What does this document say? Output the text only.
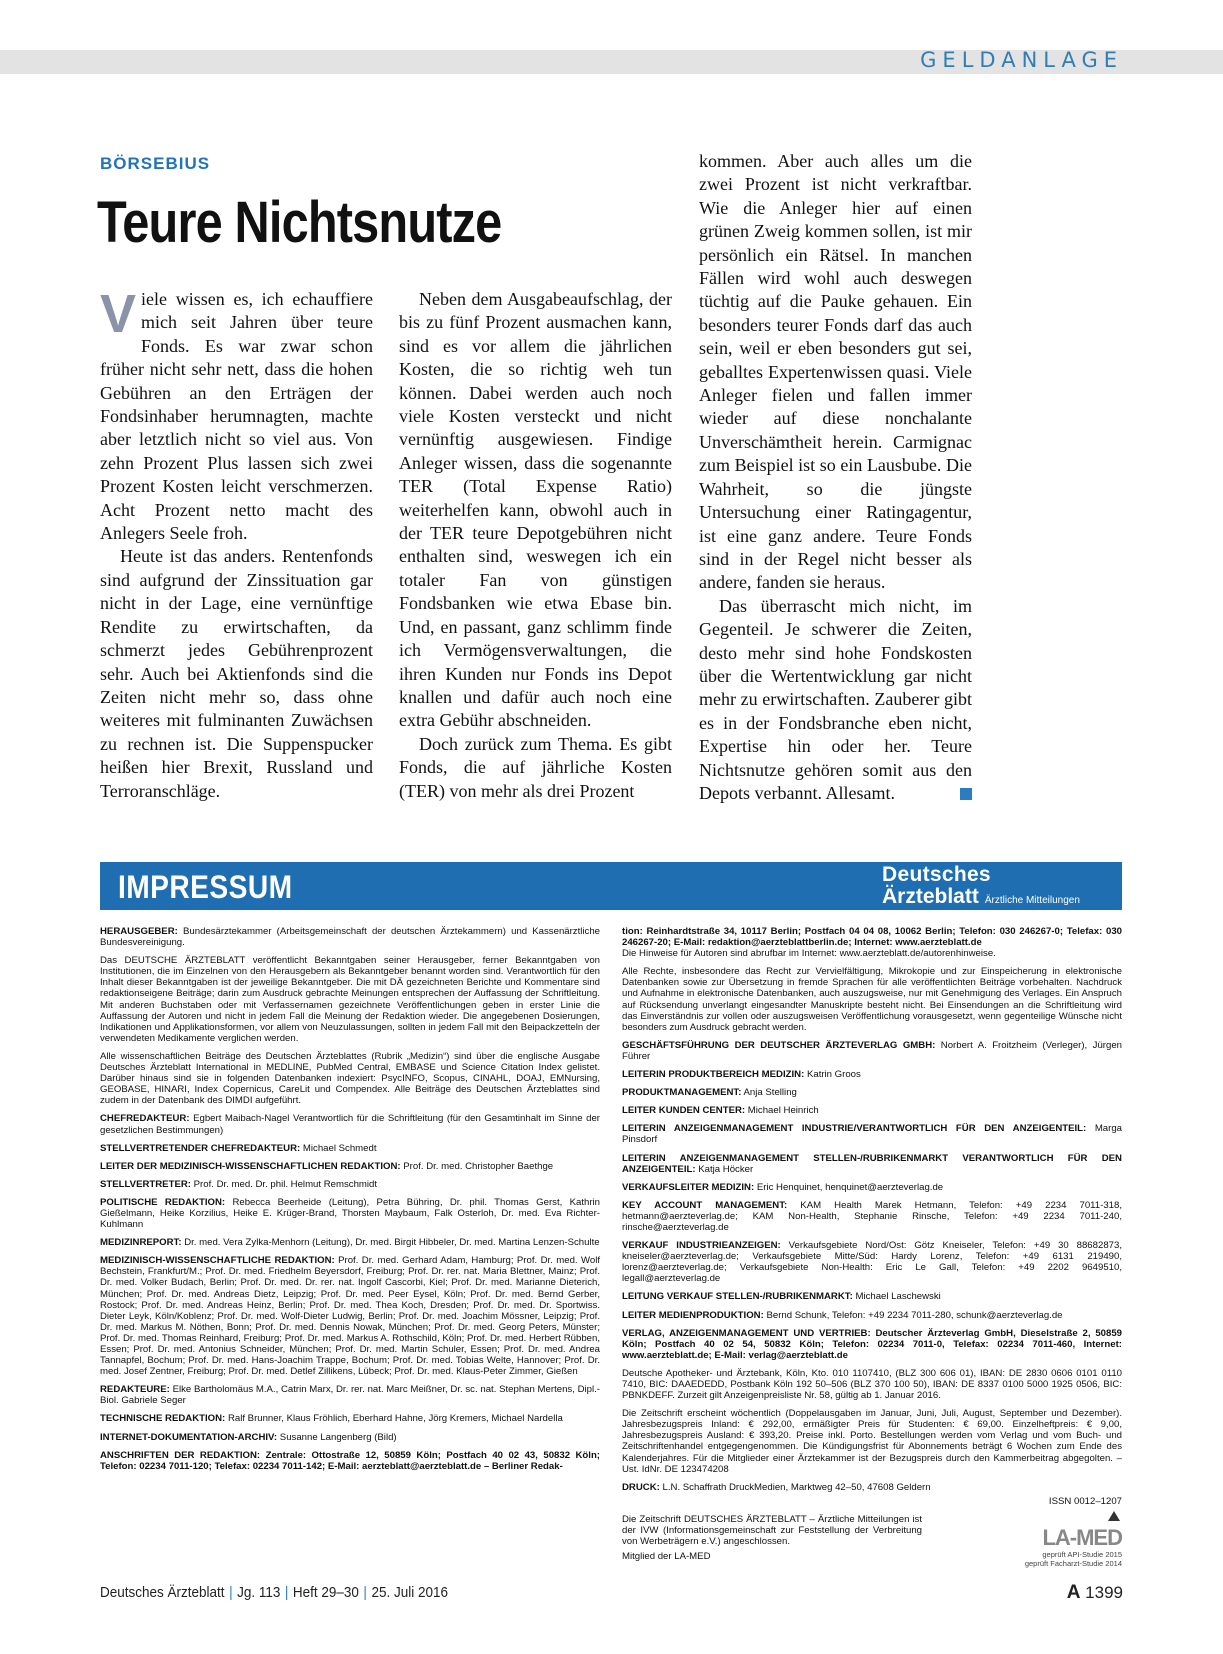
GELDANLAGE
BÖRSEBIUS
Teure Nichtsnutze

Viele wissen es, ich echauffiere mich seit Jahren über teure Fonds. Es war zwar schon früher nicht sehr nett, dass die hohen Gebühren an den Erträgen der Fondsinhaber herumnagten, machte aber letztlich nicht so viel aus. Von zehn Prozent Plus lassen sich zwei Prozent Kosten leicht verschmerzen. Acht Prozent netto macht des Anlegers Seele froh.

Heute ist das anders. Rentenfonds sind aufgrund der Zinssituation gar nicht in der Lage, eine vernünftige Rendite zu erwirtschaften, da schmerzt jedes Gebührenprozent sehr. Auch bei Aktienfonds sind die Zeiten nicht mehr so, dass ohne weiteres mit fulminanten Zuwächsen zu rechnen ist. Die Suppenspucker heißen hier Brexit, Russland und Terroranschläge.

Neben dem Ausgabeaufschlag, der bis zu fünf Prozent ausmachen kann, sind es vor allem die jährlichen Kosten, die so richtig weh tun können. Dabei werden auch noch viele Kosten versteckt und nicht vernünftig ausgewiesen. Findige Anleger wissen, dass die sogenannte TER (Total Expense Ratio) weiterhelfen kann, obwohl auch in der TER teure Depotgebühren nicht enthalten sind, weswegen ich ein totaler Fan von günstigen Fondsbanken wie etwa Ebase bin. Und, en passant, ganz schlimm finde ich Vermögensverwaltungen, die ihren Kunden nur Fonds ins Depot knallen und dafür auch noch eine extra Gebühr abschneiden.

Doch zurück zum Thema. Es gibt Fonds, die auf jährliche Kosten (TER) von mehr als drei Prozent

kommen. Aber auch alles um die zwei Prozent ist nicht verkraftbar. Wie die Anleger hier auf einen grünen Zweig kommen sollen, ist mir persönlich ein Rätsel. In manchen Fällen wird wohl auch deswegen tüchtig auf die Pauke gehauen. Ein besonders teurer Fonds darf das auch sein, weil er eben besonders gut sei, geballtes Expertenwissen quasi. Viele Anleger fielen und fallen immer wieder auf diese nonchalante Unverschämtheit herein. Carmignac zum Beispiel ist so ein Lausbube. Die Wahrheit, so die jüngste Untersuchung einer Ratingagentur, ist eine ganz andere. Teure Fonds sind in der Regel nicht besser als andere, fanden sie heraus.

Das überrascht mich nicht, im Gegenteil. Je schwerer die Zeiten, desto mehr sind hohe Fondskosten über die Wertentwicklung gar nicht mehr zu erwirtschaften. Zauberer gibt es in der Fondsbranche eben nicht, Expertise hin oder her. Teure Nichtsnutze gehören somit aus den Depots verbannt. Allesamt.

IMPRESSUM	Deutsches
Ärzteblatt Ärztliche Mitteilungen

HERAUSGEBER: Bundesärztekammer (Arbeitsgemeinschaft der deutschen Ärztekammern) und Kassenärztliche Bundesvereinigung.

Das DEUTSCHE ÄRZTEBLATT veröffentlicht Bekanntgaben seiner Herausgeber, ferner Bekanntgaben von Institutionen, die im Einzelnen von den Herausgebern als Bekanntgeber benannt worden sind. Verantwortlich für den Inhalt dieser Bekanntgaben ist der jeweilige Bekanntgeber. Die mit DÄ gezeichneten Berichte und Kommentare sind redaktionseigene Beiträge; darin zum Ausdruck gebrachte Meinungen entsprechen der Auffassung der Schriftleitung. Mit anderen Buchstaben oder mit Verfassernamen gezeichnete Veröffentlichungen geben in erster Linie die Auffassung der Autoren und nicht in jedem Fall die Meinung der Redaktion wieder. Die angegebenen Dosierungen, Indikationen und Applikationsformen, vor allem von Neuzulassungen, sollten in jedem Fall mit den Beipackzetteln der verwendeten Medikamente verglichen werden.

Alle wissenschaftlichen Beiträge des Deutschen Ärzteblattes (Rubrik „Medizin“) sind über die englische Ausgabe Deutsches Ärzteblatt International in MEDLINE, PubMed Central, EMBASE und Science Citation Index gelistet. Darüber hinaus sind sie in folgenden Datenbanken indexiert: PsycINFO, Scopus, CINAHL, DOAJ, EMNursing, GEOBASE, HINARI, Index Copernicus, CareLit und Compendex. Alle Beiträge des Deutschen Ärzteblattes sind zudem in der Datenbank des DIMDI aufgeführt.

CHEFREDAKTEUR: Egbert Maibach-Nagel Verantwortlich für die Schriftleitung (für den Gesamtinhalt im Sinne der gesetzlichen Bestimmungen)

STELLVERTRETENDER CHEFREDAKTEUR: Michael Schmedt

LEITER DER MEDIZINISCH-WISSENSCHAFTLICHEN REDAKTION: Prof. Dr. med. Christopher Baethge

STELLVERTRETER: Prof. Dr. med. Dr. phil. Helmut Remschmidt

POLITISCHE REDAKTION: Rebecca Beerheide (Leitung), Petra Bühring, Dr. phil. Thomas Gerst, Kathrin Gießelmann, Heike Korzilius, Heike E. Krüger-Brand, Thorsten Maybaum, Falk Osterloh, Dr. med. Eva Richter-Kuhlmann

MEDIZINREPORT: Dr. med. Vera Zylka-Menhorn (Leitung), Dr. med. Birgit Hibbeler, Dr. med. Martina Lenzen-Schulte

MEDIZINISCH-WISSENSCHAFTLICHE REDAKTION: Prof. Dr. med. Gerhard Adam, Hamburg; Prof. Dr. med. Wolf Bechstein, Frankfurt/M.; Prof. Dr. med. Friedhelm Beyersdorf, Freiburg; Prof. Dr. rer. nat. Maria Blettner, Mainz; Prof. Dr. med. Volker Budach, Berlin; Prof. Dr. med. Dr. rer. nat. Ingolf Cascorbi, Kiel; Prof. Dr. med. Marianne Dieterich, München; Prof. Dr. med. Andreas Dietz, Leipzig; Prof. Dr. med. Peer Eysel, Köln; Prof. Dr. med. Bernd Gerber, Rostock; Prof. Dr. med. Andreas Heinz, Berlin; Prof. Dr. med. Thea Koch, Dresden; Prof. Dr. med. Dr. Sportwiss. Dieter Leyk, Köln/Koblenz; Prof. Dr. med. Wolf-Dieter Ludwig, Berlin; Prof. Dr. med. Joachim Mössner, Leipzig; Prof. Dr. med. Markus M. Nöthen, Bonn; Prof. Dr. med. Dennis Nowak, München; Prof. Dr. med. Georg Peters, Münster; Prof. Dr. med. Thomas Reinhard, Freiburg; Prof. Dr. med. Markus A. Rothschild, Köln; Prof. Dr. med. Herbert Rübben, Essen; Prof. Dr. med. Antonius Schneider, München; Prof. Dr. med. Martin Schuler, Essen; Prof. Dr. med. Andrea Tannapfel, Bochum; Prof. Dr. med. Hans-Joachim Trappe, Bochum; Prof. Dr. med. Tobias Welte, Hannover; Prof. Dr. med. Josef Zentner, Freiburg; Prof. Dr. med. Detlef Zillikens, Lübeck; Prof. Dr. med. Klaus-Peter Zimmer, Gießen

REDAKTEURE: Elke Bartholomäus M.A., Catrin Marx, Dr. rer. nat. Marc Meißner, Dr. sc. nat. Stephan Mertens, Dipl.-Biol. Gabriele Seger

TECHNISCHE REDAKTION: Ralf Brunner, Klaus Fröhlich, Eberhard Hahne, Jörg Kremers, Michael Nardella

INTERNET-DOKUMENTATION-ARCHIV: Susanne Langenberg (Bild)

ANSCHRIFTEN DER REDAKTION: Zentrale: Ottostraße 12, 50859 Köln; Postfach 40 02 43, 50832 Köln; Telefon: 02234 7011-120; Telefax: 02234 7011-142; E-Mail: aerzteblatt@aerzteblatt.de – Berliner Redak-

tion: Reinhardtstraße 34, 10117 Berlin; Postfach 04 04 08, 10062 Berlin; Telefon: 030 246267-0; Telefax: 030 246267-20; E-Mail: redaktion@aerzteblattberlin.de; Internet: www.aerzteblatt.de
Die Hinweise für Autoren sind abrufbar im Internet: www.aerzteblatt.de/autorenhinweise.

Alle Rechte, insbesondere das Recht zur Vervielfältigung, Mikrokopie und zur Einspeicherung in elektronische Datenbanken sowie zur Übersetzung in fremde Sprachen für alle veröffentlichten Beiträge vorbehalten. Nachdruck und Aufnahme in elektronische Datenbanken, auch auszugsweise, nur mit Genehmigung des Verlages. Ein Anspruch auf Rücksendung unverlangt eingesandter Manuskripte besteht nicht. Bei Einsendungen an die Schriftleitung wird das Einverständnis zur vollen oder auszugsweisen Veröffentlichung vorausgesetzt, wenn gegenteilige Wünsche nicht besonders zum Ausdruck gebracht werden.

GESCHÄFTSFÜHRUNG DER DEUTSCHER ÄRZTEVERLAG GMBH: Norbert A. Froitzheim (Verleger), Jürgen Führer

LEITERIN PRODUKTBEREICH MEDIZIN: Katrin Groos

PRODUKTMANAGEMENT: Anja Stelling

LEITER KUNDEN CENTER: Michael Heinrich

LEITERIN ANZEIGENMANAGEMENT INDUSTRIE/VERANTWORTLICH FÜR DEN ANZEIGENTEIL: Marga Pinsdorf

LEITERIN ANZEIGENMANAGEMENT STELLEN-/RUBRIKENMARKT VERANTWORTLICH FÜR DEN ANZEIGENTEIL: Katja Höcker

VERKAUFSLEITER MEDIZIN: Eric Henquinet, henquinet@aerzteverlag.de

KEY ACCOUNT MANAGEMENT: KAM Health Marek Hetmann, Telefon: +49 2234 7011-318, hetmann@aerzteverlag.de; KAM Non-Health, Stephanie Rinsche, Telefon: +49 2234 7011-240, rinsche@aerzteverlag.de

VERKAUF INDUSTRIEANZEIGEN: Verkaufsgebiete Nord/Ost: Götz Kneiseler, Telefon: +49 30 88682873, kneiseler@aerzteverlag.de; Verkaufsgebiete Mitte/Süd: Hardy Lorenz, Telefon: +49 6131 219490, lorenz@aerzteverlag.de; Verkaufsgebiete Non-Health: Eric Le Gall, Telefon: +49 2202 9649510, legall@aerzteverlag.de

LEITUNG VERKAUF STELLEN-/RUBRIKENMARKT: Michael Laschewski

LEITER MEDIENPRODUKTION: Bernd Schunk, Telefon: +49 2234 7011-280, schunk@aerzteverlag.de

VERLAG, ANZEIGENMANAGEMENT UND VERTRIEB: Deutscher Ärzteverlag GmbH, Dieselstraße 2, 50859 Köln; Postfach 40 02 54, 50832 Köln; Telefon: 02234 7011-0, Telefax: 02234 7011-460, Internet: www.aerzteblatt.de; E-Mail: verlag@aerzteblatt.de

Deutsche Apotheker- und Ärztebank, Köln, Kto. 010 1107410, (BLZ 300 606 01), IBAN: DE 2830 0606 0101 0110 7410, BIC: DAAEDEDD, Postbank Köln 192 50–506 (BLZ 370 100 50), IBAN: DE 8337 0100 5000 1925 0506, BIC: PBNKDEFF. Zurzeit gilt Anzeigenpreisliste Nr. 58, gültig ab 1. Januar 2016.

Die Zeitschrift erscheint wöchentlich (Doppelausgaben im Januar, Juni, Juli, August, September und Dezember). Jahresbezugspreis Inland: € 292,00, ermäßigter Preis für Studenten: € 69,00. Einzelheftpreis: € 9,00, Jahresbezugspreis Ausland: € 393,20. Preise inkl. Porto. Bestellungen werden vom Verlag und vom Buch- und Zeitschriftenhandel entgegengenommen. Die Kündigungsfrist für Abonnements beträgt 6 Wochen zum Ende des Kalenderjahres. Für die Mitglieder einer Ärztekammer ist der Bezugspreis durch den Kammerbeitrag abgegolten. – Ust. IdNr. DE 123474208

DRUCK: L.N. Schaffrath DruckMedien, Marktweg 42–50, 47608 Geldern

ISSN 0012–1207

Die Zeitschrift DEUTSCHES ÄRZTEBLATT – Ärztliche Mitteilungen ist der IVW (Informationsgemeinschaft zur Feststellung der Verbreitung von Werbeträgern e.V.) angeschlossen.

Mitglied der LA-MED

LA-MED
geprüft API-Studie 2015
geprüft Facharzt-Studie 2014
Deutsches Ärzteblatt | Jg. 113 | Heft 29–30 | 25. Juli 2016	A 1399
